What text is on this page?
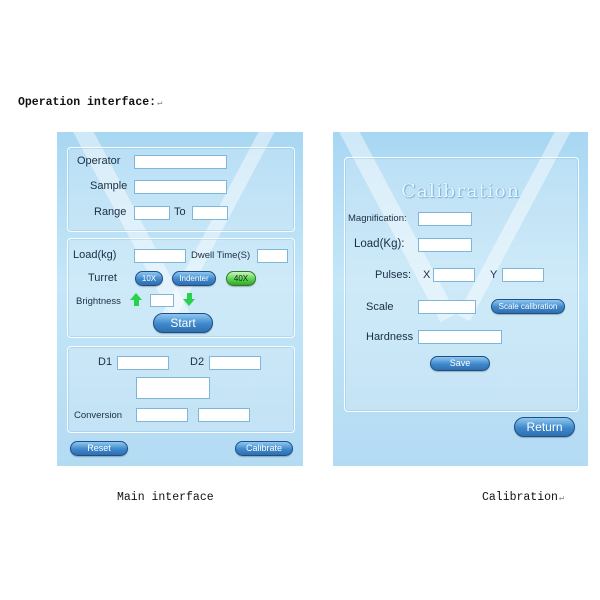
Operation interface:↵
Operator
Sample
Range	To
Load(kg)	Dwell Time(S)
Turret	10X	Indenter	40X
Brightness
Start
D1	D2
Conversion
Reset	Calibrate
Calibration
Magnification:
Load(Kg):
Pulses: X	Y
Scale	Scale calibration
Hardness
Save
Return
Main interface	Calibration↵
